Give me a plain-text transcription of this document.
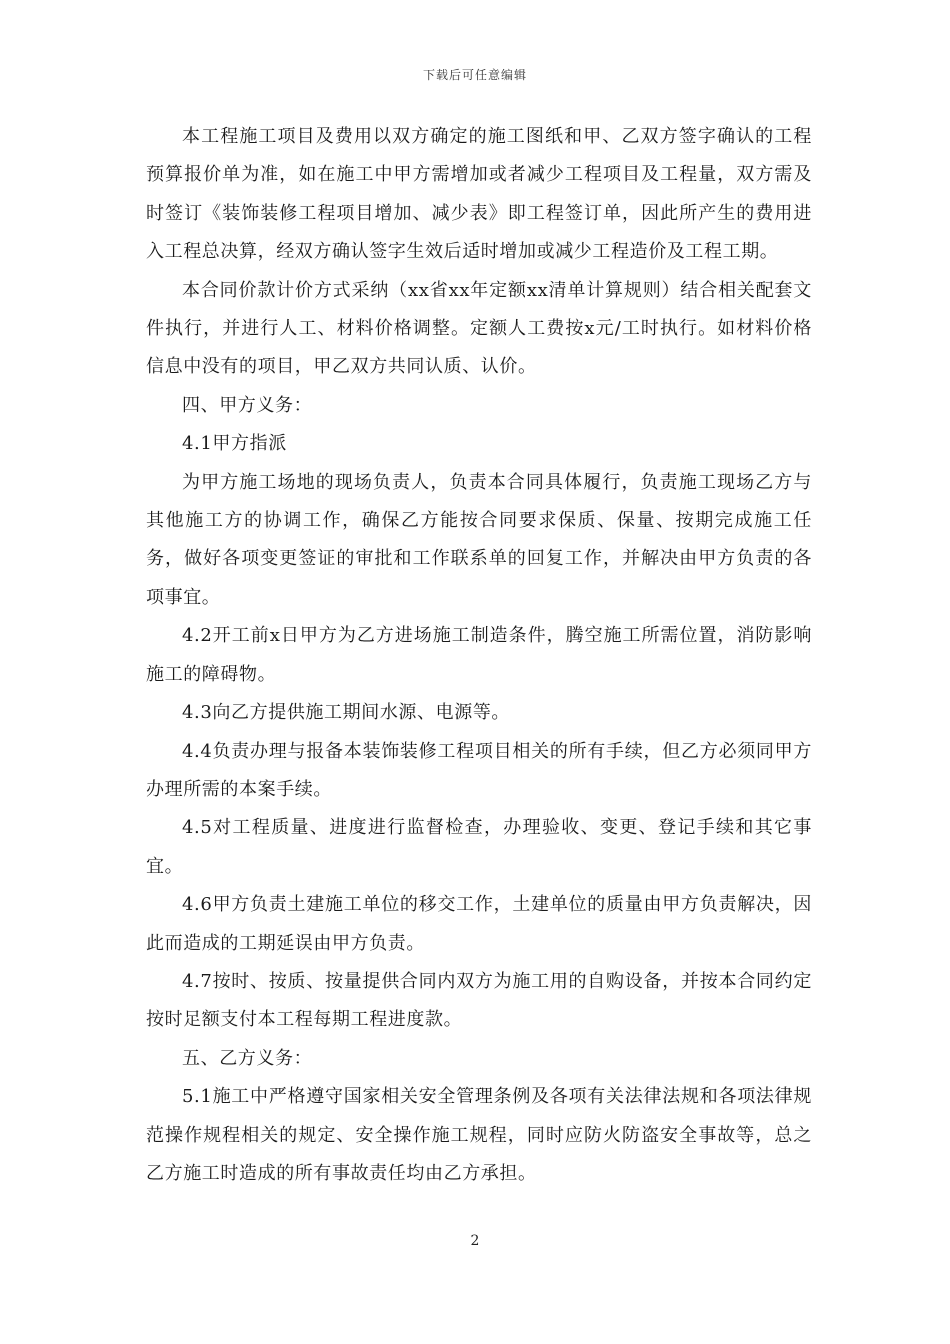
下载后可任意编辑

本工程施工项目及费用以双方确定的施工图纸和甲、乙双方签字确认的工程预算报价单为准，如在施工中甲方需增加或者减少工程项目及工程量，双方需及时签订《装饰装修工程项目增加、减少表》即工程签订单，因此所产生的费用进入工程总决算，经双方确认签字生效后适时增加或减少工程造价及工程工期。

本合同价款计价方式采纳（xx省xx年定额xx清单计算规则）结合相关配套文件执行，并进行人工、材料价格调整。定额人工费按x元/工时执行。如材料价格信息中没有的项目，甲乙双方共同认质、认价。

四、甲方义务：

4.1甲方指派

为甲方施工场地的现场负责人，负责本合同具体履行，负责施工现场乙方与其他施工方的协调工作，确保乙方能按合同要求保质、保量、按期完成施工任务，做好各项变更签证的审批和工作联系单的回复工作，并解决由甲方负责的各项事宜。

4.2开工前x日甲方为乙方进场施工制造条件，腾空施工所需位置，消防影响施工的障碍物。

4.3向乙方提供施工期间水源、电源等。

4.4负责办理与报备本装饰装修工程项目相关的所有手续，但乙方必须同甲方办理所需的本案手续。

4.5对工程质量、进度进行监督检查，办理验收、变更、登记手续和其它事宜。

4.6甲方负责土建施工单位的移交工作，土建单位的质量由甲方负责解决，因此而造成的工期延误由甲方负责。

4.7按时、按质、按量提供合同内双方为施工用的自购设备，并按本合同约定按时足额支付本工程每期工程进度款。

五、乙方义务：

5.1施工中严格遵守国家相关安全管理条例及各项有关法律法规和各项法律规范操作规程相关的规定、安全操作施工规程，同时应防火防盗安全事故等，总之乙方施工时造成的所有事故责任均由乙方承担。

2
